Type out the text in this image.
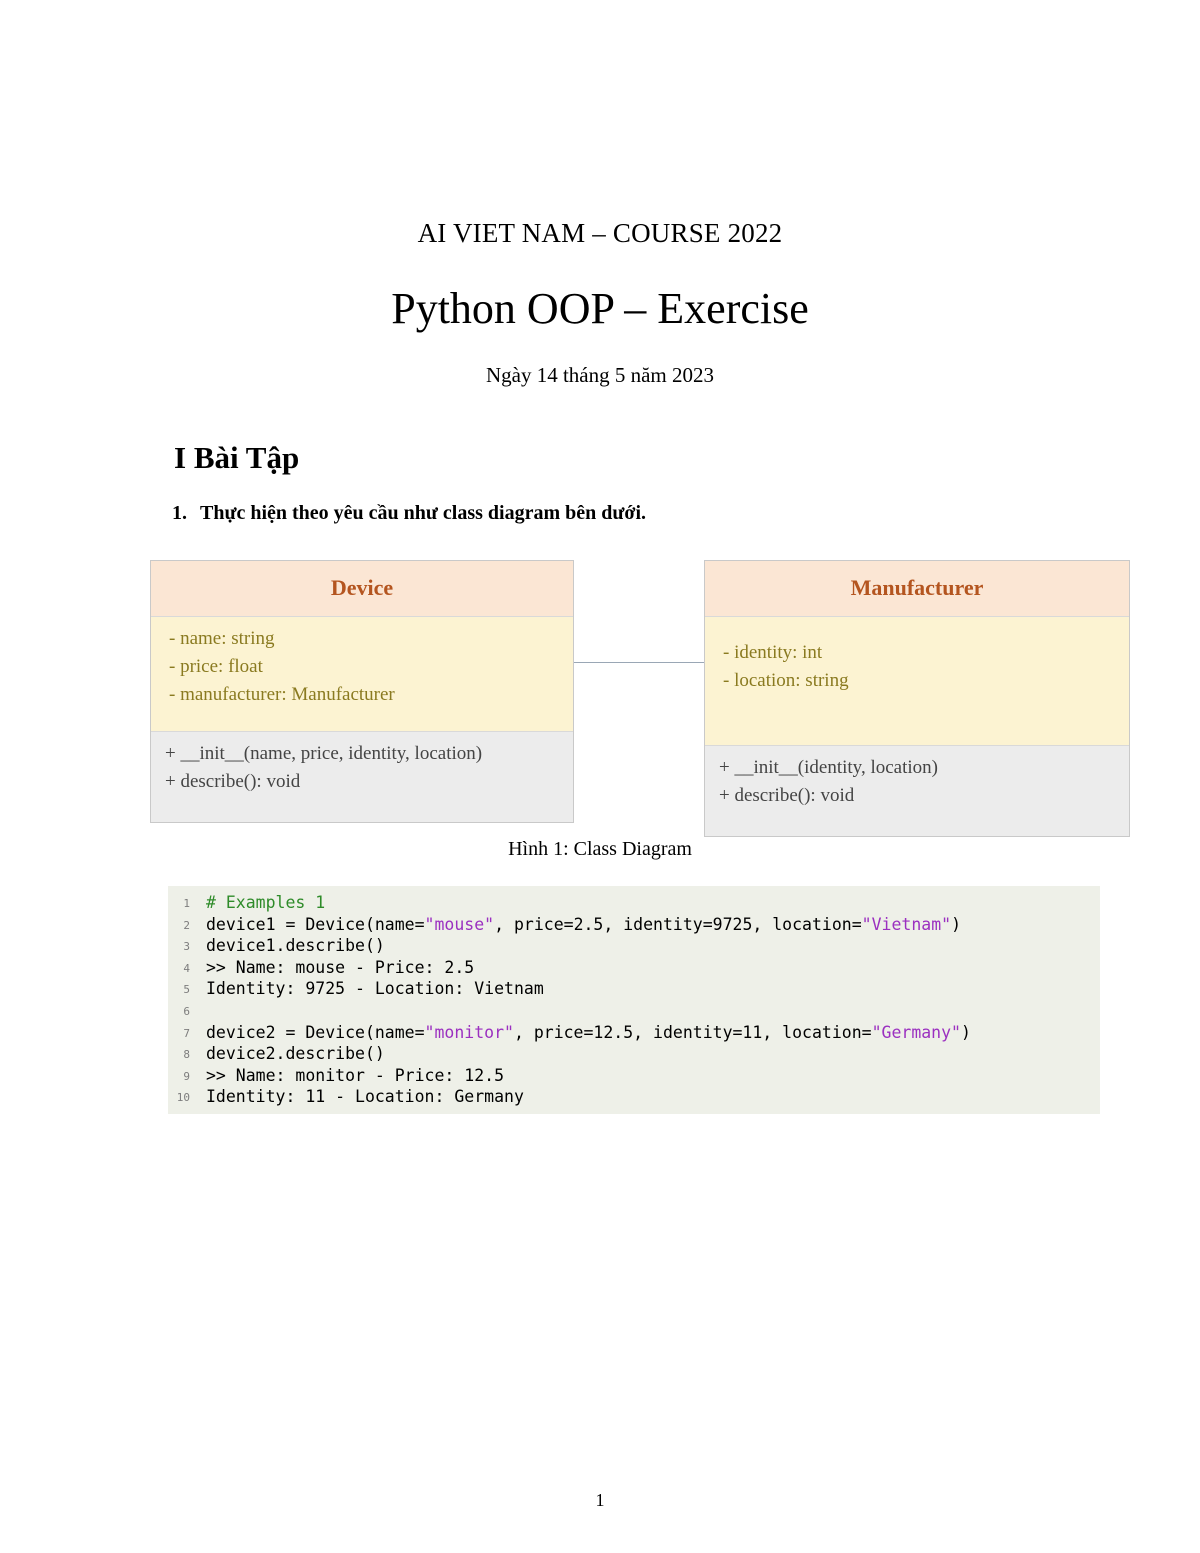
AI VIET NAM – COURSE 2022
Python OOP – Exercise
Ngày 14 tháng 5 năm 2023
I Bài Tập
1. Thực hiện theo yêu cầu như class diagram bên dưới.
Device
- name: string
- price: float
- manufacturer: Manufacturer
+ __init__(name, price, identity, location)
+ describe(): void
Manufacturer
- identity: int
- location: string
+ __init__(identity, location)
+ describe(): void
Hình 1: Class Diagram
1 # Examples 1
2 device1 = Device(name="mouse", price=2.5, identity=9725, location="Vietnam")
3 device1.describe()
4 >> Name: mouse - Price: 2.5
5 Identity: 9725 - Location: Vietnam
6
7 device2 = Device(name="monitor", price=12.5, identity=11, location="Germany")
8 device2.describe()
9 >> Name: monitor - Price: 12.5
10 Identity: 11 - Location: Germany
1
